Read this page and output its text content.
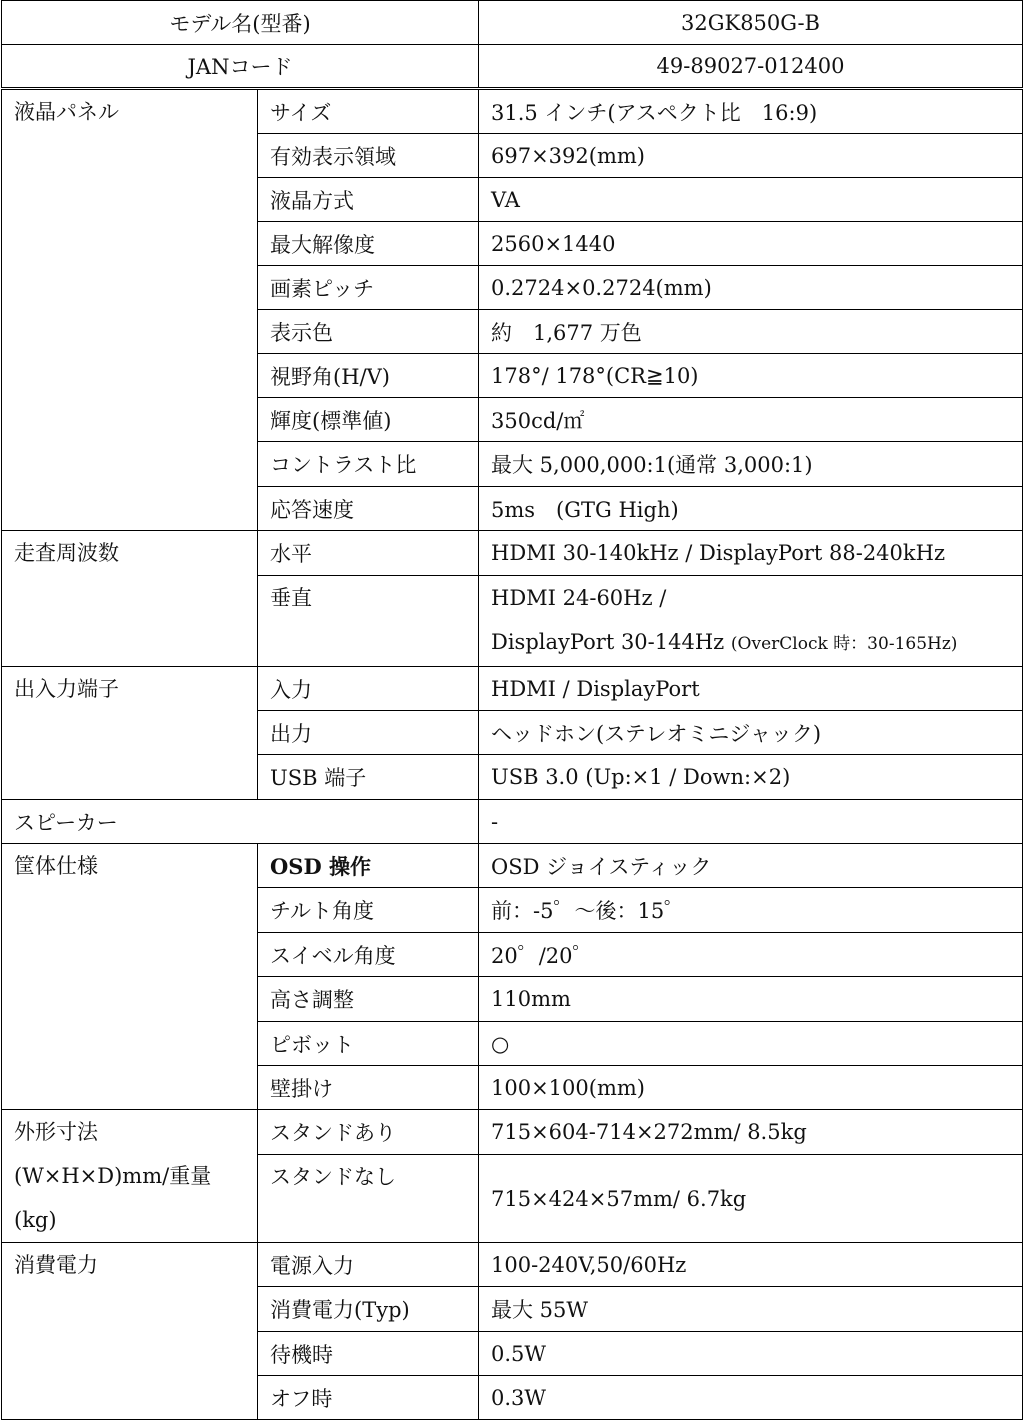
モデル名(型番)		32GK850G-B
JANコード		49-89027-012400
液晶パネル	サイズ	31.5 インチ(アスペクト比　16:9)
	有効表示領域	697×392(mm)
	液晶方式	VA
	最大解像度	2560×1440
	画素ピッチ	0.2724×0.2724(mm)
	表示色	約　1,677 万色
	視野角(H/V)	178°/ 178°(CR≧10)
	輝度(標準値)	350cd/㎡
	コントラスト比	最大 5,000,000:1(通常 3,000:1)
	応答速度	5ms　(GTG High)
走査周波数	水平	HDMI 30-140kHz / DisplayPort 88-240kHz
	垂直	HDMI 24-60Hz /
DisplayPort 30-144Hz (OverClock 時：30-165Hz)

出入力端子	入力	HDMI / DisplayPort
	出力	ヘッドホン(ステレオミニジャック)
	USB 端子	USB 3.0 (Up:×1 / Down:×2)
スピーカー		-
筐体仕様	OSD 操作	OSD ジョイスティック
	チルト角度	前：-5゜～後：15゜
	スイベル角度	20゜/20゜
	高さ調整	110mm
	ピボット	○
	壁掛け	100×100(mm)

外形寸法
(W×H×D)mm/重量
(kg)	スタンドあり	715×604-714×272mm/ 8.5kg
	スタンドなし	715×424×57mm/ 6.7kg
消費電力	電源入力	100-240V,50/60Hz
	消費電力(Typ)	最大 55W
	待機時	0.5W
	オフ時	0.3W
